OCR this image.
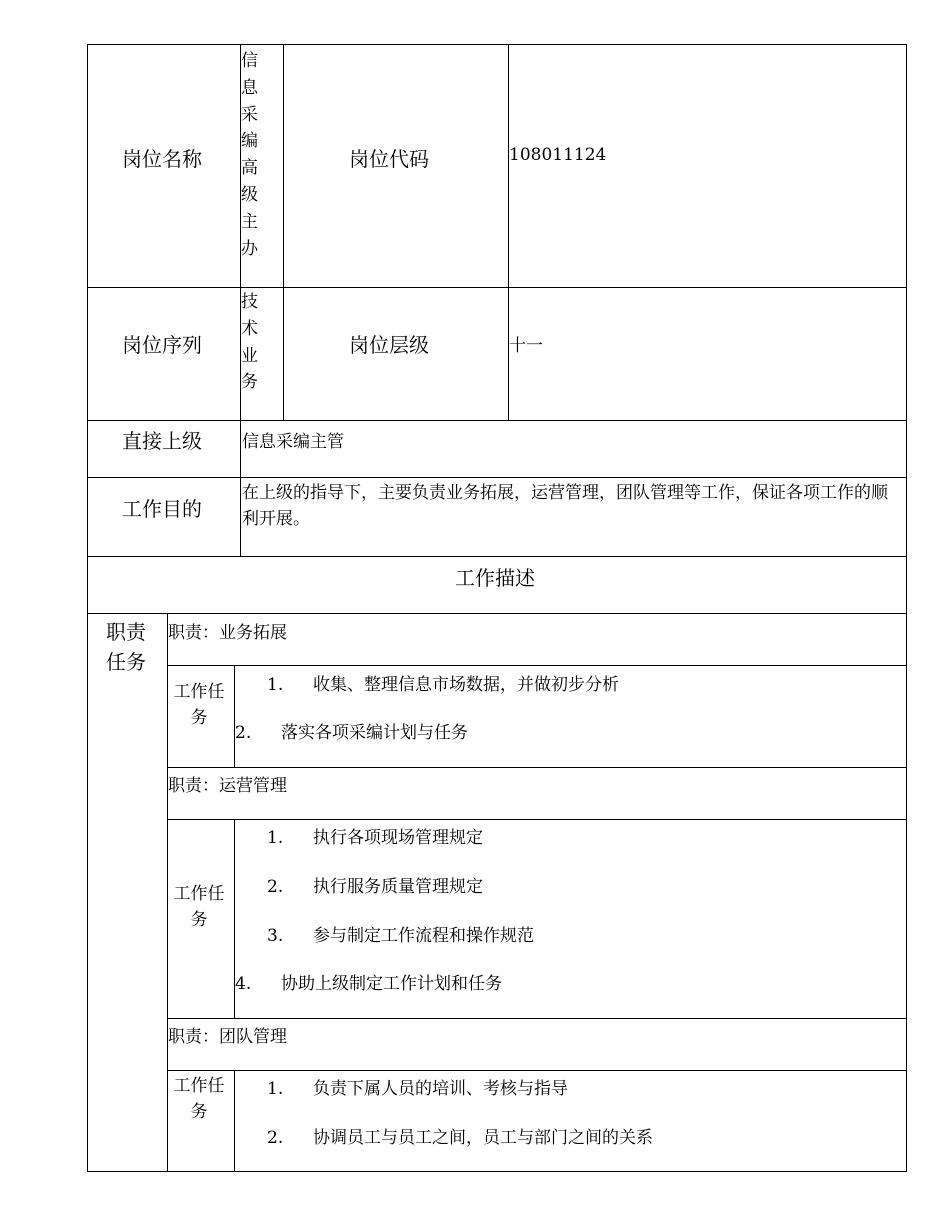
岗位名称
信息采编高级主办
岗位代码	108011124
岗位序列
技术业务
岗位层级	十一
直接上级 信息采编主管
工作目的
在上级的指导下，主要负责业务拓展，运营管理，团队管理等工作，保证各项工作的顺利开展。
工作描述
职责任务
职责：业务拓展
工作任务
1. 收集、整理信息市场数据，并做初步分析
2. 落实各项采编计划与任务
职责：运营管理
工作任务
1. 执行各项现场管理规定
2. 执行服务质量管理规定
3. 参与制定工作流程和操作规范
4. 协助上级制定工作计划和任务
职责：团队管理
工作任务
1. 负责下属人员的培训、考核与指导
2. 协调员工与员工之间，员工与部门之间的关系
